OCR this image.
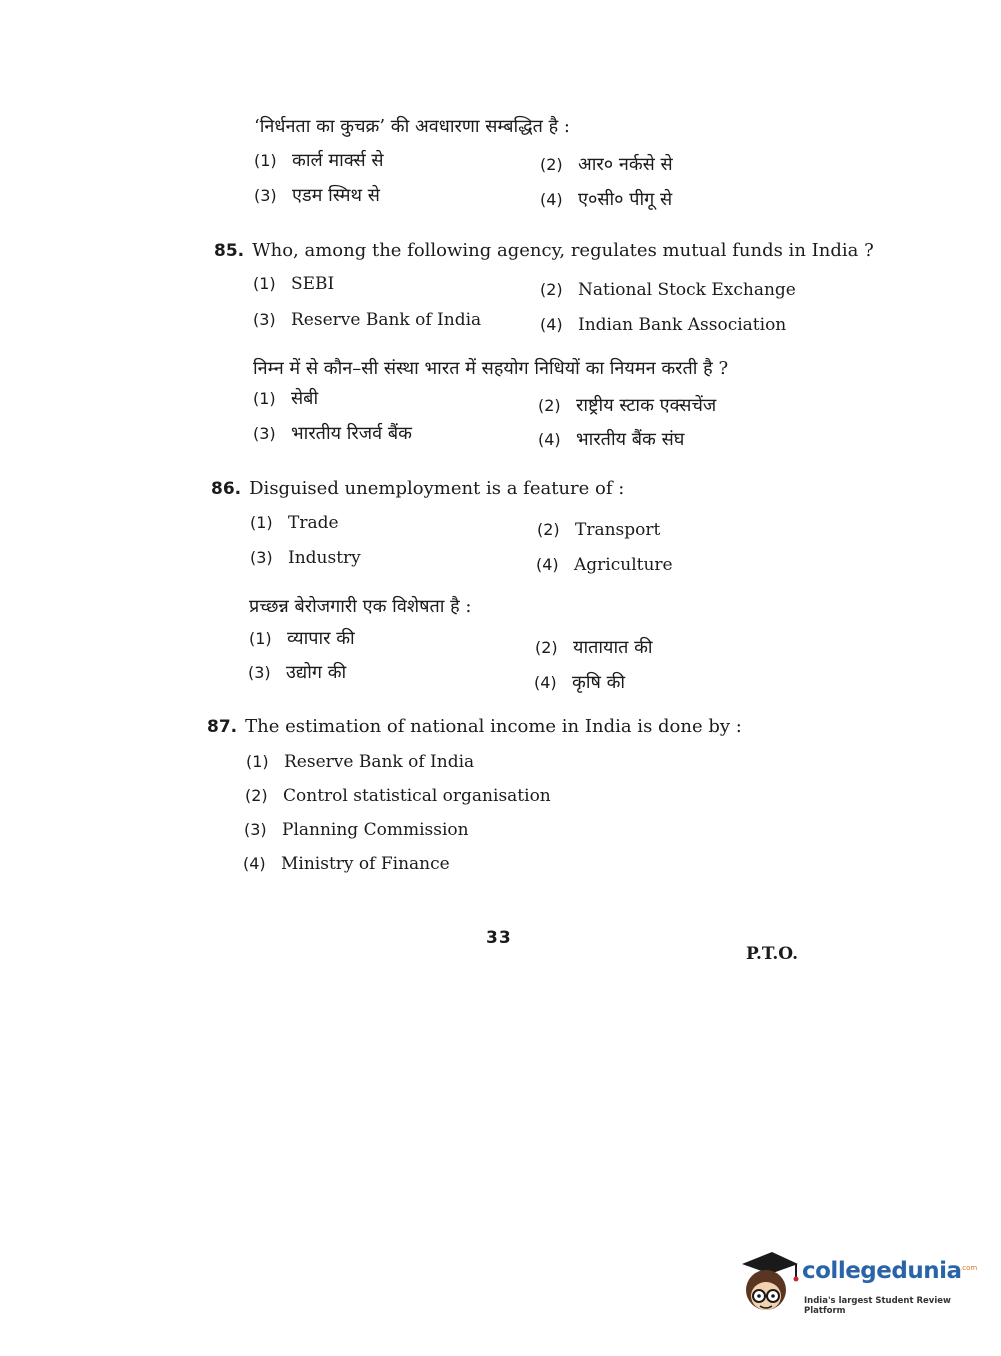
‘निर्धनता का कुचक्र’ की अवधारणा सम्बद्धित है :
(1) कार्ल मार्क्स से	(2) आर० नर्कसे से
(3) एडम स्मिथ से	(4) ए०सी० पीगू से
85. Who, among the following agency, regulates mutual funds in India ?
(1) SEBI	(2) National Stock Exchange
(3) Reserve Bank of India	(4) Indian Bank Association
निम्न में से कौन–सी संस्था भारत में सहयोग निधियों का नियमन करती है ?
(1) सेबी	(2) राष्ट्रीय स्टाक एक्सचेंज
(3) भारतीय रिजर्व बैंक	(4) भारतीय बैंक संघ
86. Disguised unemployment is a feature of :
(1) Trade	(2) Transport
(3) Industry	(4) Agriculture
प्रच्छन्न बेरोजगारी एक विशेषता है :
(1) व्यापार की	(2) यातायात की
(3) उद्योग की	(4) कृषि की
87. The estimation of national income in India is done by :
(1) Reserve Bank of India
(2) Control statistical organisation
(3) Planning Commission
(4) Ministry of Finance
33
P.T.O.
collegedunia
.com
India's largest Student Review Platform
